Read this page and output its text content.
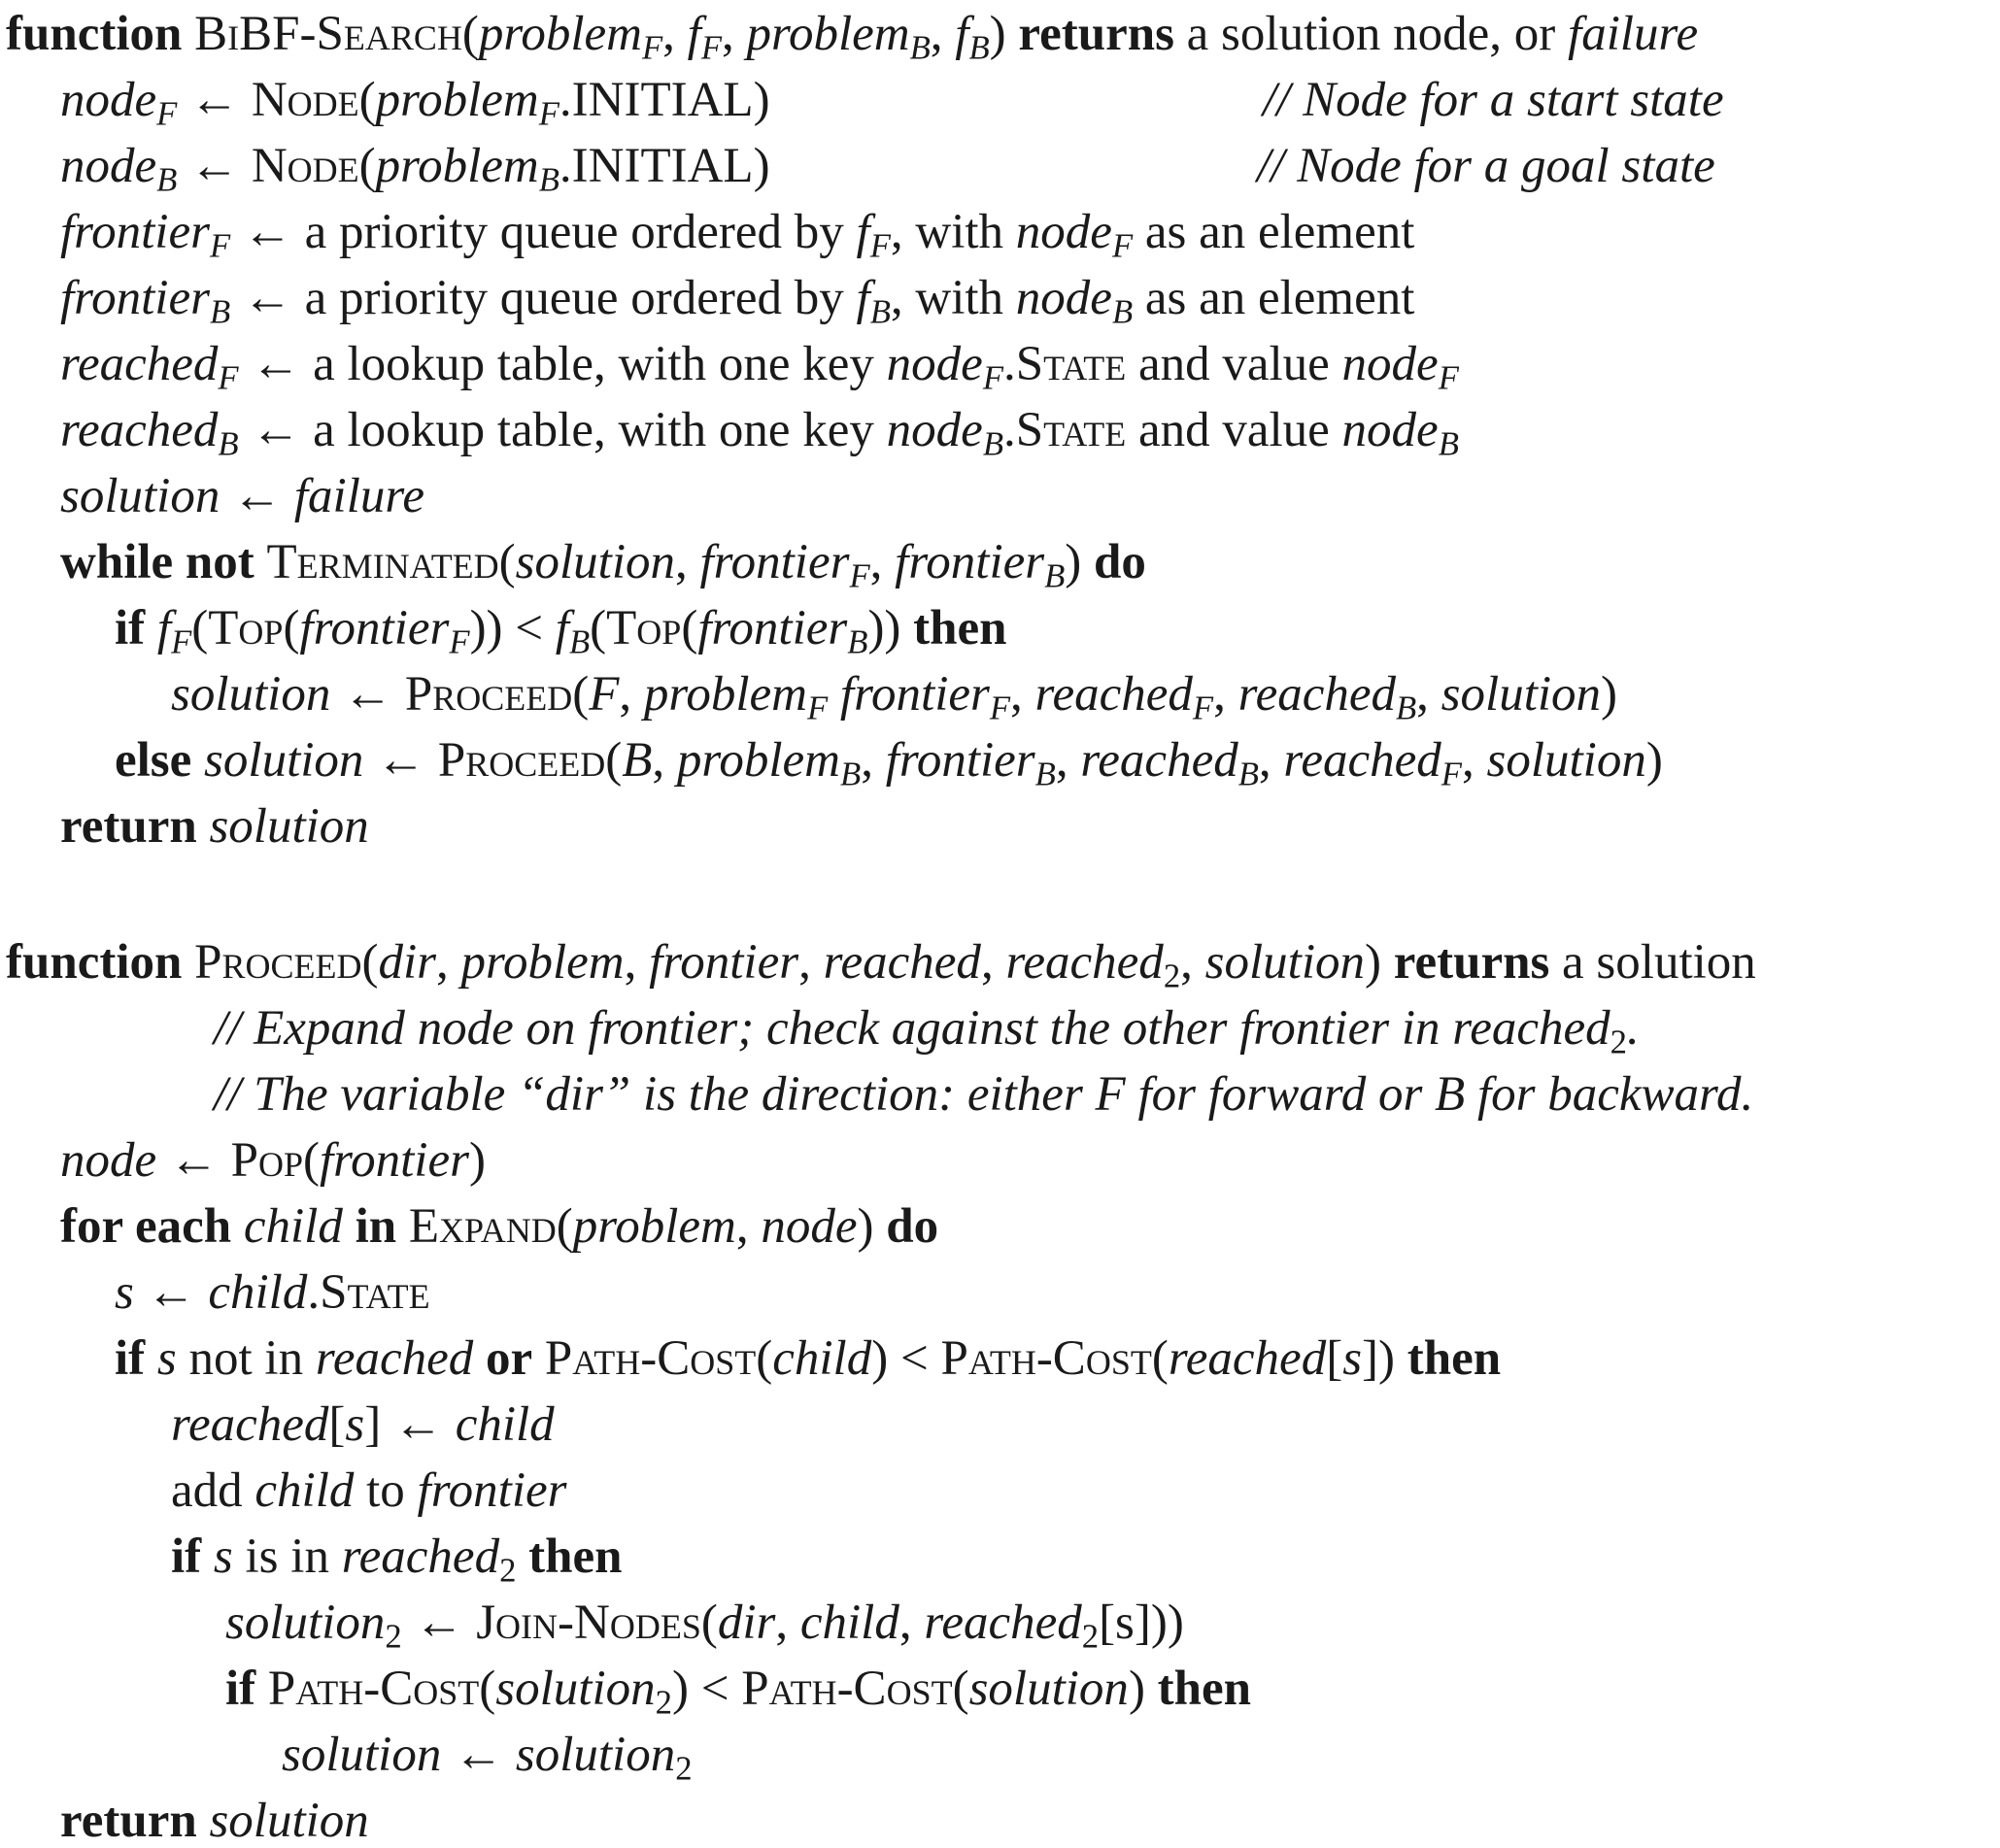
function BiBF-Search(problem$_F$, $f_F$, problem$_B$, $f_B$) returns a solution node, or failure
node$_F$ ← Node(problem$_F$.INITIAL)	// Node for a start state
node$_B$ ← Node(problem$_B$.INITIAL)	// Node for a goal state
frontier$_F$ ← a priority queue ordered by $f_F$, with node$_F$ as an element
frontier$_B$ ← a priority queue ordered by $f_B$, with node$_B$ as an element
reached$_F$ ← a lookup table, with one key node$_F$.State and value node$_F$
reached$_B$ ← a lookup table, with one key node$_B$.State and value node$_B$
solution ← failure
while not Terminated(solution, frontier$_F$, frontier$_B$) do
if $f_F(Top(frontier_F))$ < $f_B(Top(frontier_B))$ then
solution ← Proceed(F, problem$_F$ frontier$_F$, reached$_F$, reached$_B$, solution)
else solution ← Proceed(B, problem$_B$, frontier$_B$, reached$_B$, reached$_F$, solution)
return solution
function Proceed(dir, problem, frontier, reached, reached$_2$, solution) returns a solution
// Expand node on frontier; check against the other frontier in reached$_2$.
// The variable “dir” is the direction: either F for forward or B for backward.
node ← Pop(frontier)
for each child in Expand(problem, node) do
s ← child.State
if s not in reached or Path-Cost(child) < Path-Cost(reached[s]) then
reached[s] ← child
add child to frontier
if s is in reached$_2$ then
solution$_2$ ← Join-Nodes(dir, child, reached$_2$[s]))
if Path-Cost(solution$_2$) < Path-Cost(solution) then
solution ← solution$_2$
return solution
